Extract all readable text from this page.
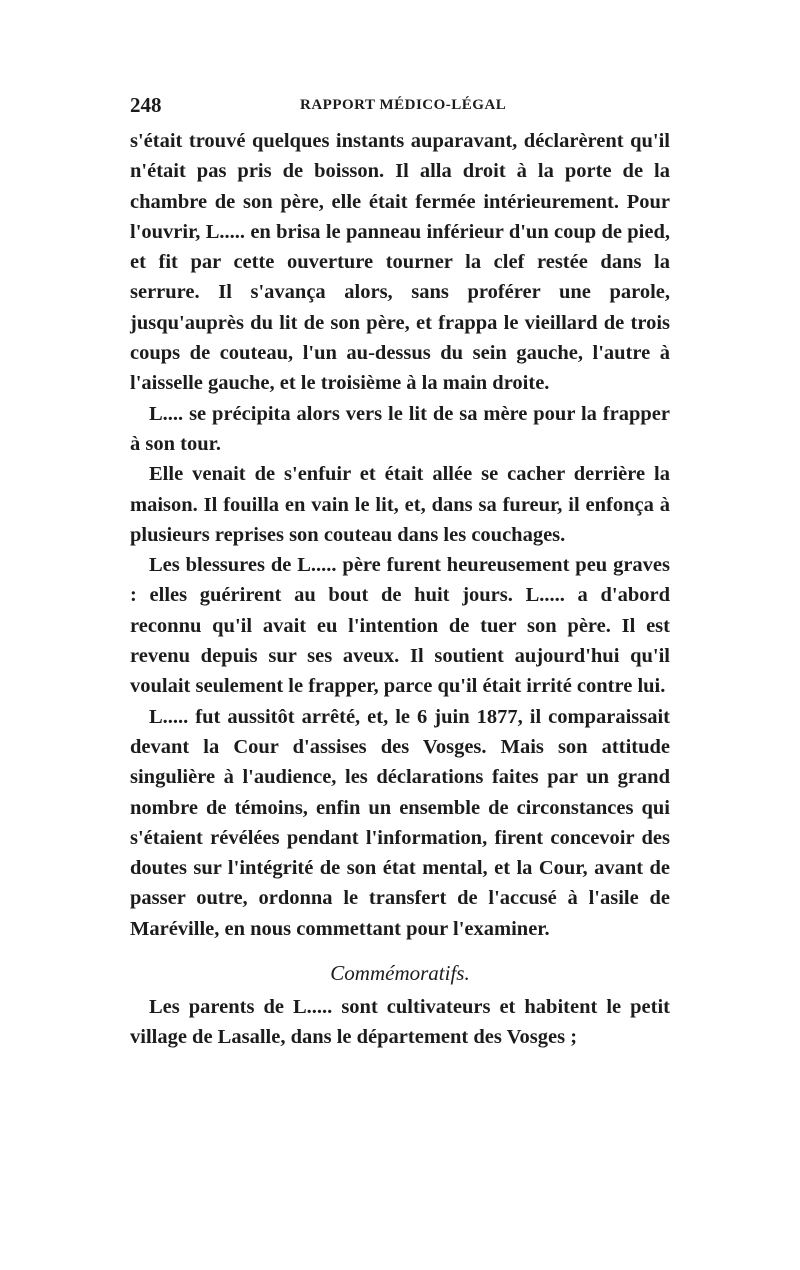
248	RAPPORT MÉDICO-LÉGAL

s'était trouvé quelques instants auparavant, déclarèrent qu'il n'était pas pris de boisson. Il alla droit à la porte de la chambre de son père, elle était fermée intérieurement. Pour l'ouvrir, L..... en brisa le panneau inférieur d'un coup de pied, et fit par cette ouverture tourner la clef restée dans la serrure. Il s'avança alors, sans proférer une parole, jusqu'auprès du lit de son père, et frappa le vieillard de trois coups de couteau, l'un au-dessus du sein gauche, l'autre à l'aisselle gauche, et le troisième à la main droite.

L.... se précipita alors vers le lit de sa mère pour la frapper à son tour.

Elle venait de s'enfuir et était allée se cacher derrière la maison. Il fouilla en vain le lit, et, dans sa fureur, il enfonça à plusieurs reprises son couteau dans les couchages.

Les blessures de L..... père furent heureusement peu graves : elles guérirent au bout de huit jours. L..... a d'abord reconnu qu'il avait eu l'intention de tuer son père. Il est revenu depuis sur ses aveux. Il soutient aujourd'hui qu'il voulait seulement le frapper, parce qu'il était irrité contre lui.

L..... fut aussitôt arrêté, et, le 6 juin 1877, il comparaissait devant la Cour d'assises des Vosges. Mais son attitude singulière à l'audience, les déclarations faites par un grand nombre de témoins, enfin un ensemble de circonstances qui s'étaient révélées pendant l'information, firent concevoir des doutes sur l'intégrité de son état mental, et la Cour, avant de passer outre, ordonna le transfert de l'accusé à l'asile de Maréville, en nous commettant pour l'examiner.

Commémoratifs.

Les parents de L..... sont cultivateurs et habitent le petit village de Lasalle, dans le département des Vosges ;
